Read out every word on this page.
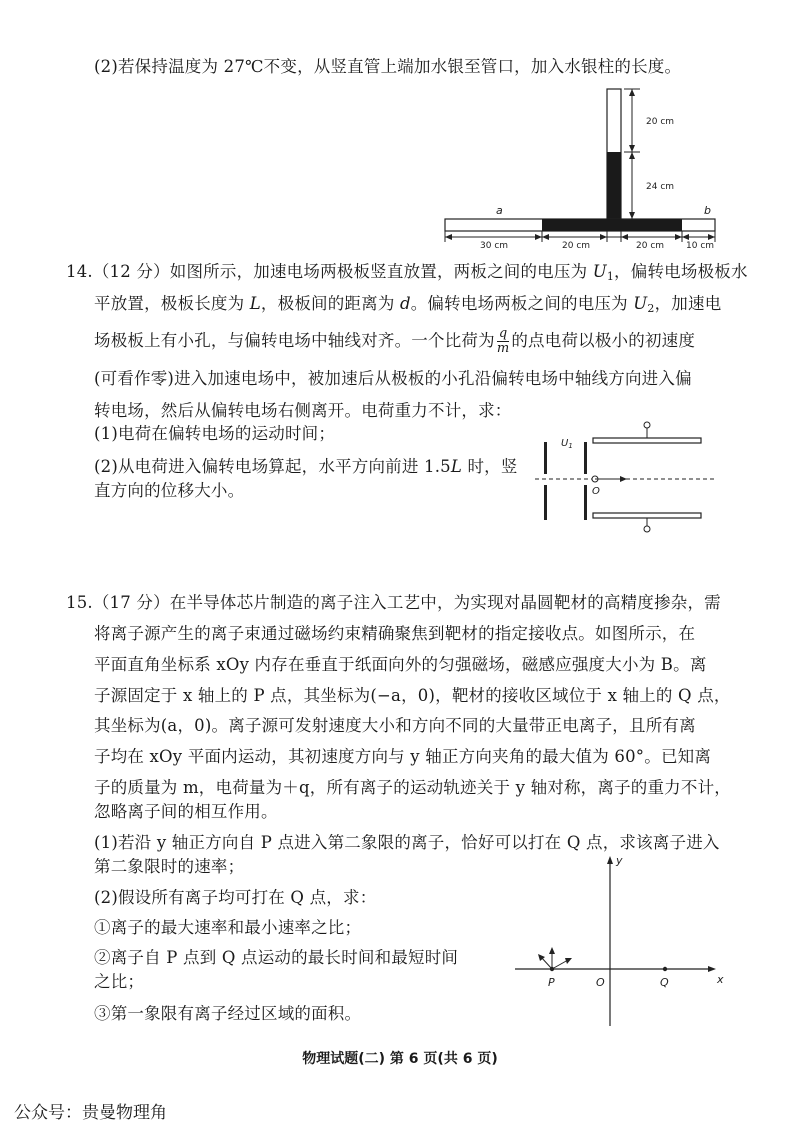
(2)若保持温度为 27℃不变，从竖直管上端加水银至管口，加入水银柱的长度。
a	b
20 cm
24 cm
30 cm	20 cm	20 cm 10 cm
14.（12 分）如图所示，加速电场两极板竖直放置，两板之间的电压为 $U_1$，偏转电场极板水
平放置，极板长度为 L，极板间的距离为 d。偏转电场两板之间的电压为 $U_2$，加速电
场极板上有小孔，与偏转电场中轴线对齐。一个比荷为 $\frac{q}{m}$ 的点电荷以极小的初速度
(可看作零)进入加速电场中，被加速后从极板的小孔沿偏转电场中轴线方向进入偏
转电场，然后从偏转电场右侧离开。电荷重力不计，求：
(1)电荷在偏转电场的运动时间；
(2)从电荷进入偏转电场算起，水平方向前进 1.5L 时，竖
直方向的位移大小。
$U_1$
O
15.（17 分）在半导体芯片制造的离子注入工艺中，为实现对晶圆靶材的高精度掺杂，需
将离子源产生的离子束通过磁场约束精确聚焦到靶材的指定接收点。如图所示，在
平面直角坐标系 xOy 内存在垂直于纸面向外的匀强磁场，磁感应强度大小为 B。离
子源固定于 x 轴上的 P 点，其坐标为(−a，0)，靶材的接收区域位于 x 轴上的 Q 点，
其坐标为(a，0)。离子源可发射速度大小和方向不同的大量带正电离子，且所有离
子均在 xOy 平面内运动，其初速度方向与 y 轴正方向夹角的最大值为 60°。已知离
子的质量为 m，电荷量为＋q，所有离子的运动轨迹关于 y 轴对称，离子的重力不计，
忽略离子间的相互作用。
(1)若沿 y 轴正方向自 P 点进入第二象限的离子，恰好可以打在 Q 点，求该离子进入
第二象限时的速率；
(2)假设所有离子均可打在 Q 点，求：
①离子的最大速率和最小速率之比；
②离子自 P 点到 Q 点运动的最长时间和最短时间
之比；
③第一象限有离子经过区域的面积。
y
x
P	O	Q
物理试题(二) 第 6 页(共 6 页)
公众号：贵曼物理角
